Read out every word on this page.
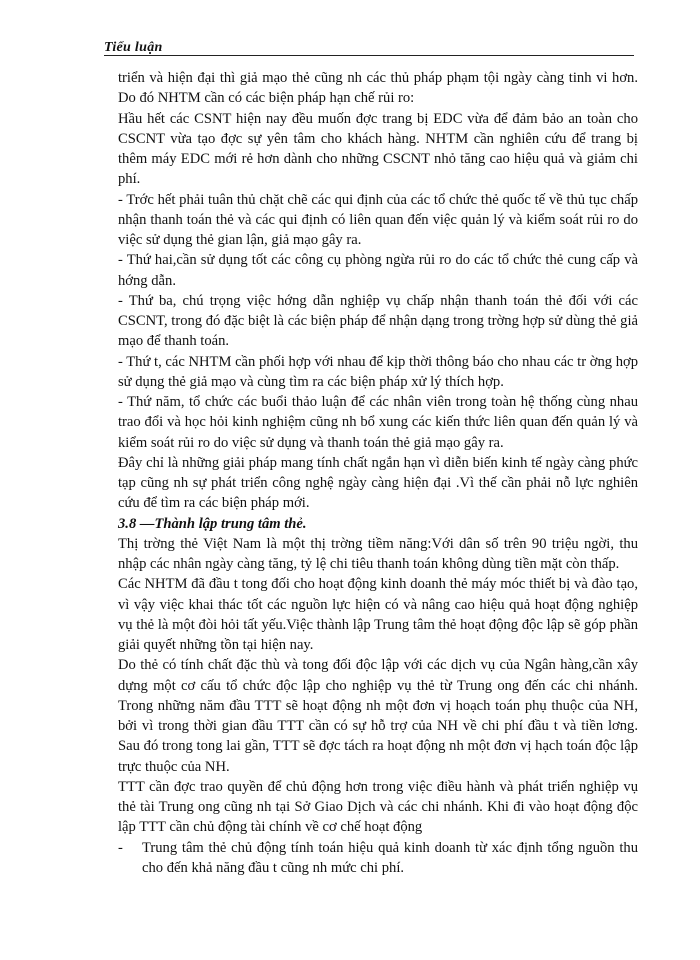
Tiểu luận

triển và hiện đại thì giả mạo thẻ cũng nh các thủ pháp phạm tội ngày càng tinh vi hơn. Do đó NHTM cần có các biện pháp hạn chế rủi ro:

Hầu hết các CSNT hiện nay đều muốn đợc trang bị EDC vừa để đảm bảo an toàn cho CSCNT vừa tạo đợc sự yên tâm cho khách hàng. NHTM cần nghiên cứu để trang bị thêm máy EDC mới rẻ hơn dành cho những CSCNT nhỏ tăng cao hiệu quả và giảm chi phí.

- Trớc hết phải tuân thủ chặt chẽ các qui định của các tổ chức thẻ quốc tế về thủ tục chấp nhận thanh toán thẻ và các qui định có liên quan đến việc quản lý và kiểm soát rủi ro do việc sử dụng thẻ gian lận, giả mạo gây ra.

- Thứ hai,cần sử dụng tốt các công cụ phòng ngừa rủi ro do các tổ chức thẻ cung cấp và hớng dẫn.

- Thứ ba, chú trọng việc hớng dẫn nghiệp vụ chấp nhận thanh toán thẻ đối với các CSCNT, trong đó đặc biệt là các biện pháp để nhận dạng trong trờng hợp sử dùng thẻ giả mạo để thanh toán.

- Thứ t, các NHTM cần phối hợp với nhau để kịp thời thông báo cho nhau các tr ờng hợp sử dụng thẻ giả mạo và cùng tìm ra các biện pháp xử lý thích hợp.

- Thứ năm, tổ chức các buổi thảo luận để các nhân viên trong toàn hệ thống cùng nhau trao đổi và học hỏi kinh nghiệm cũng nh bổ xung các kiến thức liên quan đến quản lý và kiểm soát rủi ro do việc sử dụng và thanh toán thẻ giả mạo gây ra.

Đây chỉ là những giải pháp mang tính chất ngắn hạn vì diễn biến kinh tế ngày càng phức tạp cũng nh sự phát triển công nghệ ngày càng hiện đại .Vì thế cần phải nỗ lực nghiên cứu để tìm ra các biện pháp mới.

3.8 —Thành lập trung tâm thẻ.

Thị trờng thẻ Việt Nam là một thị trờng tiềm năng:Với dân số trên 90 triệu ngời, thu nhập các nhân ngày càng tăng, tỷ lệ chi tiêu thanh toán không dùng tiền mặt còn thấp.

Các NHTM đã đầu t tong đối cho hoạt động kinh doanh thẻ máy móc thiết bị và đào tạo, vì vậy việc khai thác tốt các nguồn lực hiện có và nâng cao hiệu quả hoạt động nghiệp vụ thẻ là một đòi hỏi tất yếu.Việc thành lập Trung tâm thẻ hoạt động độc lập sẽ góp phần giải quyết những tồn tại hiện nay.

Do thẻ có tính chất đặc thù và tong đối độc lập với các dịch vụ của Ngân hàng,cần xây dựng một cơ cấu tổ chức độc lập cho nghiệp vụ thẻ từ Trung ong đến các chi nhánh. Trong những năm đầu TTT sẽ hoạt động nh một đơn vị hoạch toán phụ thuộc của NH, bởi vì trong thời gian đầu TTT cần có sự hỗ trợ của NH về chi phí đầu t và tiền lơng. Sau đó trong tong lai gần, TTT sẽ đợc tách ra hoạt động nh một đơn vị hạch toán độc lập trực thuộc của NH.

TTT cần đợc trao quyền để chủ động hơn trong việc điều hành và phát triển nghiệp vụ thẻ tài Trung ong cũng nh tại Sở Giao Dịch và các chi nhánh. Khi đi vào hoạt động độc lập TTT cần chủ động tài chính về cơ chế hoạt động

- Trung tâm thẻ chủ động tính toán hiệu quả kinh doanh từ xác định tổng nguồn thu cho đến khả năng đầu t cũng nh mức chi phí.
